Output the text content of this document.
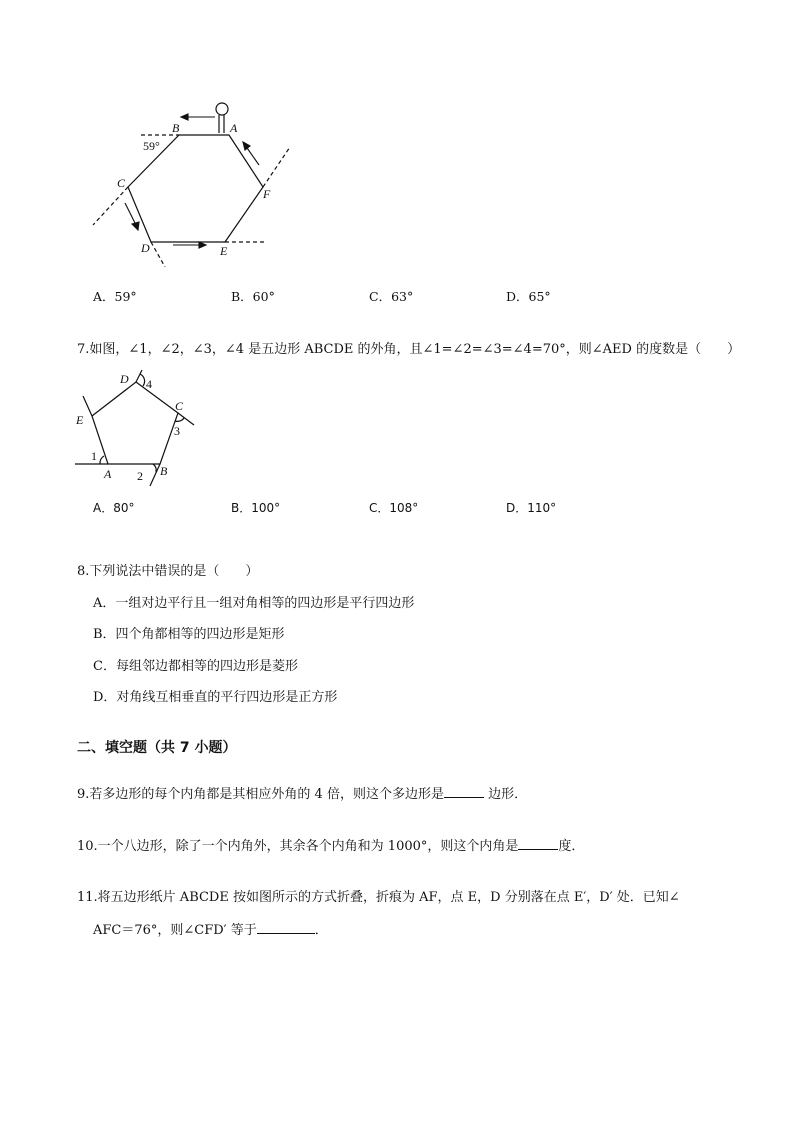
B	A
C
F
D	E
59°
A．59°	B．60°	C．63°	D．65°
7.如图，∠1，∠2，∠3，∠4 是五边形 ABCDE 的外角，且∠1=∠2=∠3=∠4=70°，则∠AED 的度数是（　　）
D 4
C
3
E
1
A 2 B
A．80°	B．100°	C．108°	D．110°
8.下列说法中错误的是（　　）
A．一组对边平行且一组对角相等的四边形是平行四边形
B．四个角都相等的四边形是矩形
C．每组邻边都相等的四边形是菱形
D．对角线互相垂直的平行四边形是正方形
二、填空题（共 7 小题）
9.若多边形的每个内角都是其相应外角的 4 倍，则这个多边形是	边形．
10.一个八边形，除了一个内角外，其余各个内角和为 1000°，则这个内角是	度．
11.将五边形纸片 ABCDE 按如图所示的方式折叠，折痕为 AF，点 E，D 分别落在点 E′，D′ 处．已知∠
AFC＝76°，则∠CFD′ 等于	．
